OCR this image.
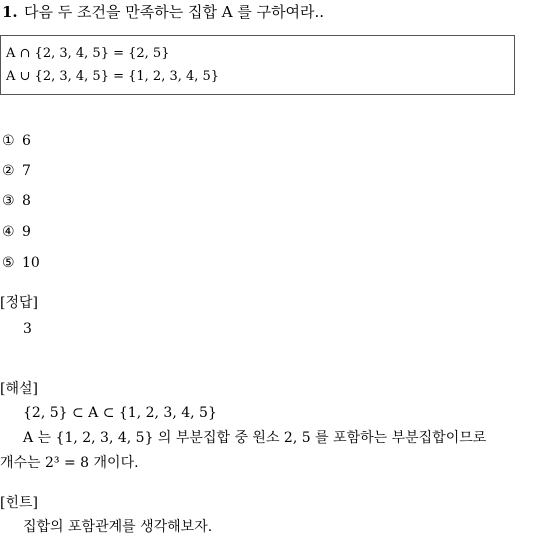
1. 다음 두 조건을 만족하는 집합 A 를 구하여라..
A ∩ {2, 3, 4, 5} = {2, 5}
A ∪ {2, 3, 4, 5} = {1, 2, 3, 4, 5}
① 6
② 7
③ 8
④ 9
⑤ 10
[정답]
3
[해설]
{2, 5} ⊂ A ⊂ {1, 2, 3, 4, 5}
A 는 {1, 2, 3, 4, 5} 의 부분집합 중 원소 2, 5 를 포함하는 부분집합이므로
개수는 2³ = 8 개이다.
[힌트]
집합의 포함관계를 생각해보자.
